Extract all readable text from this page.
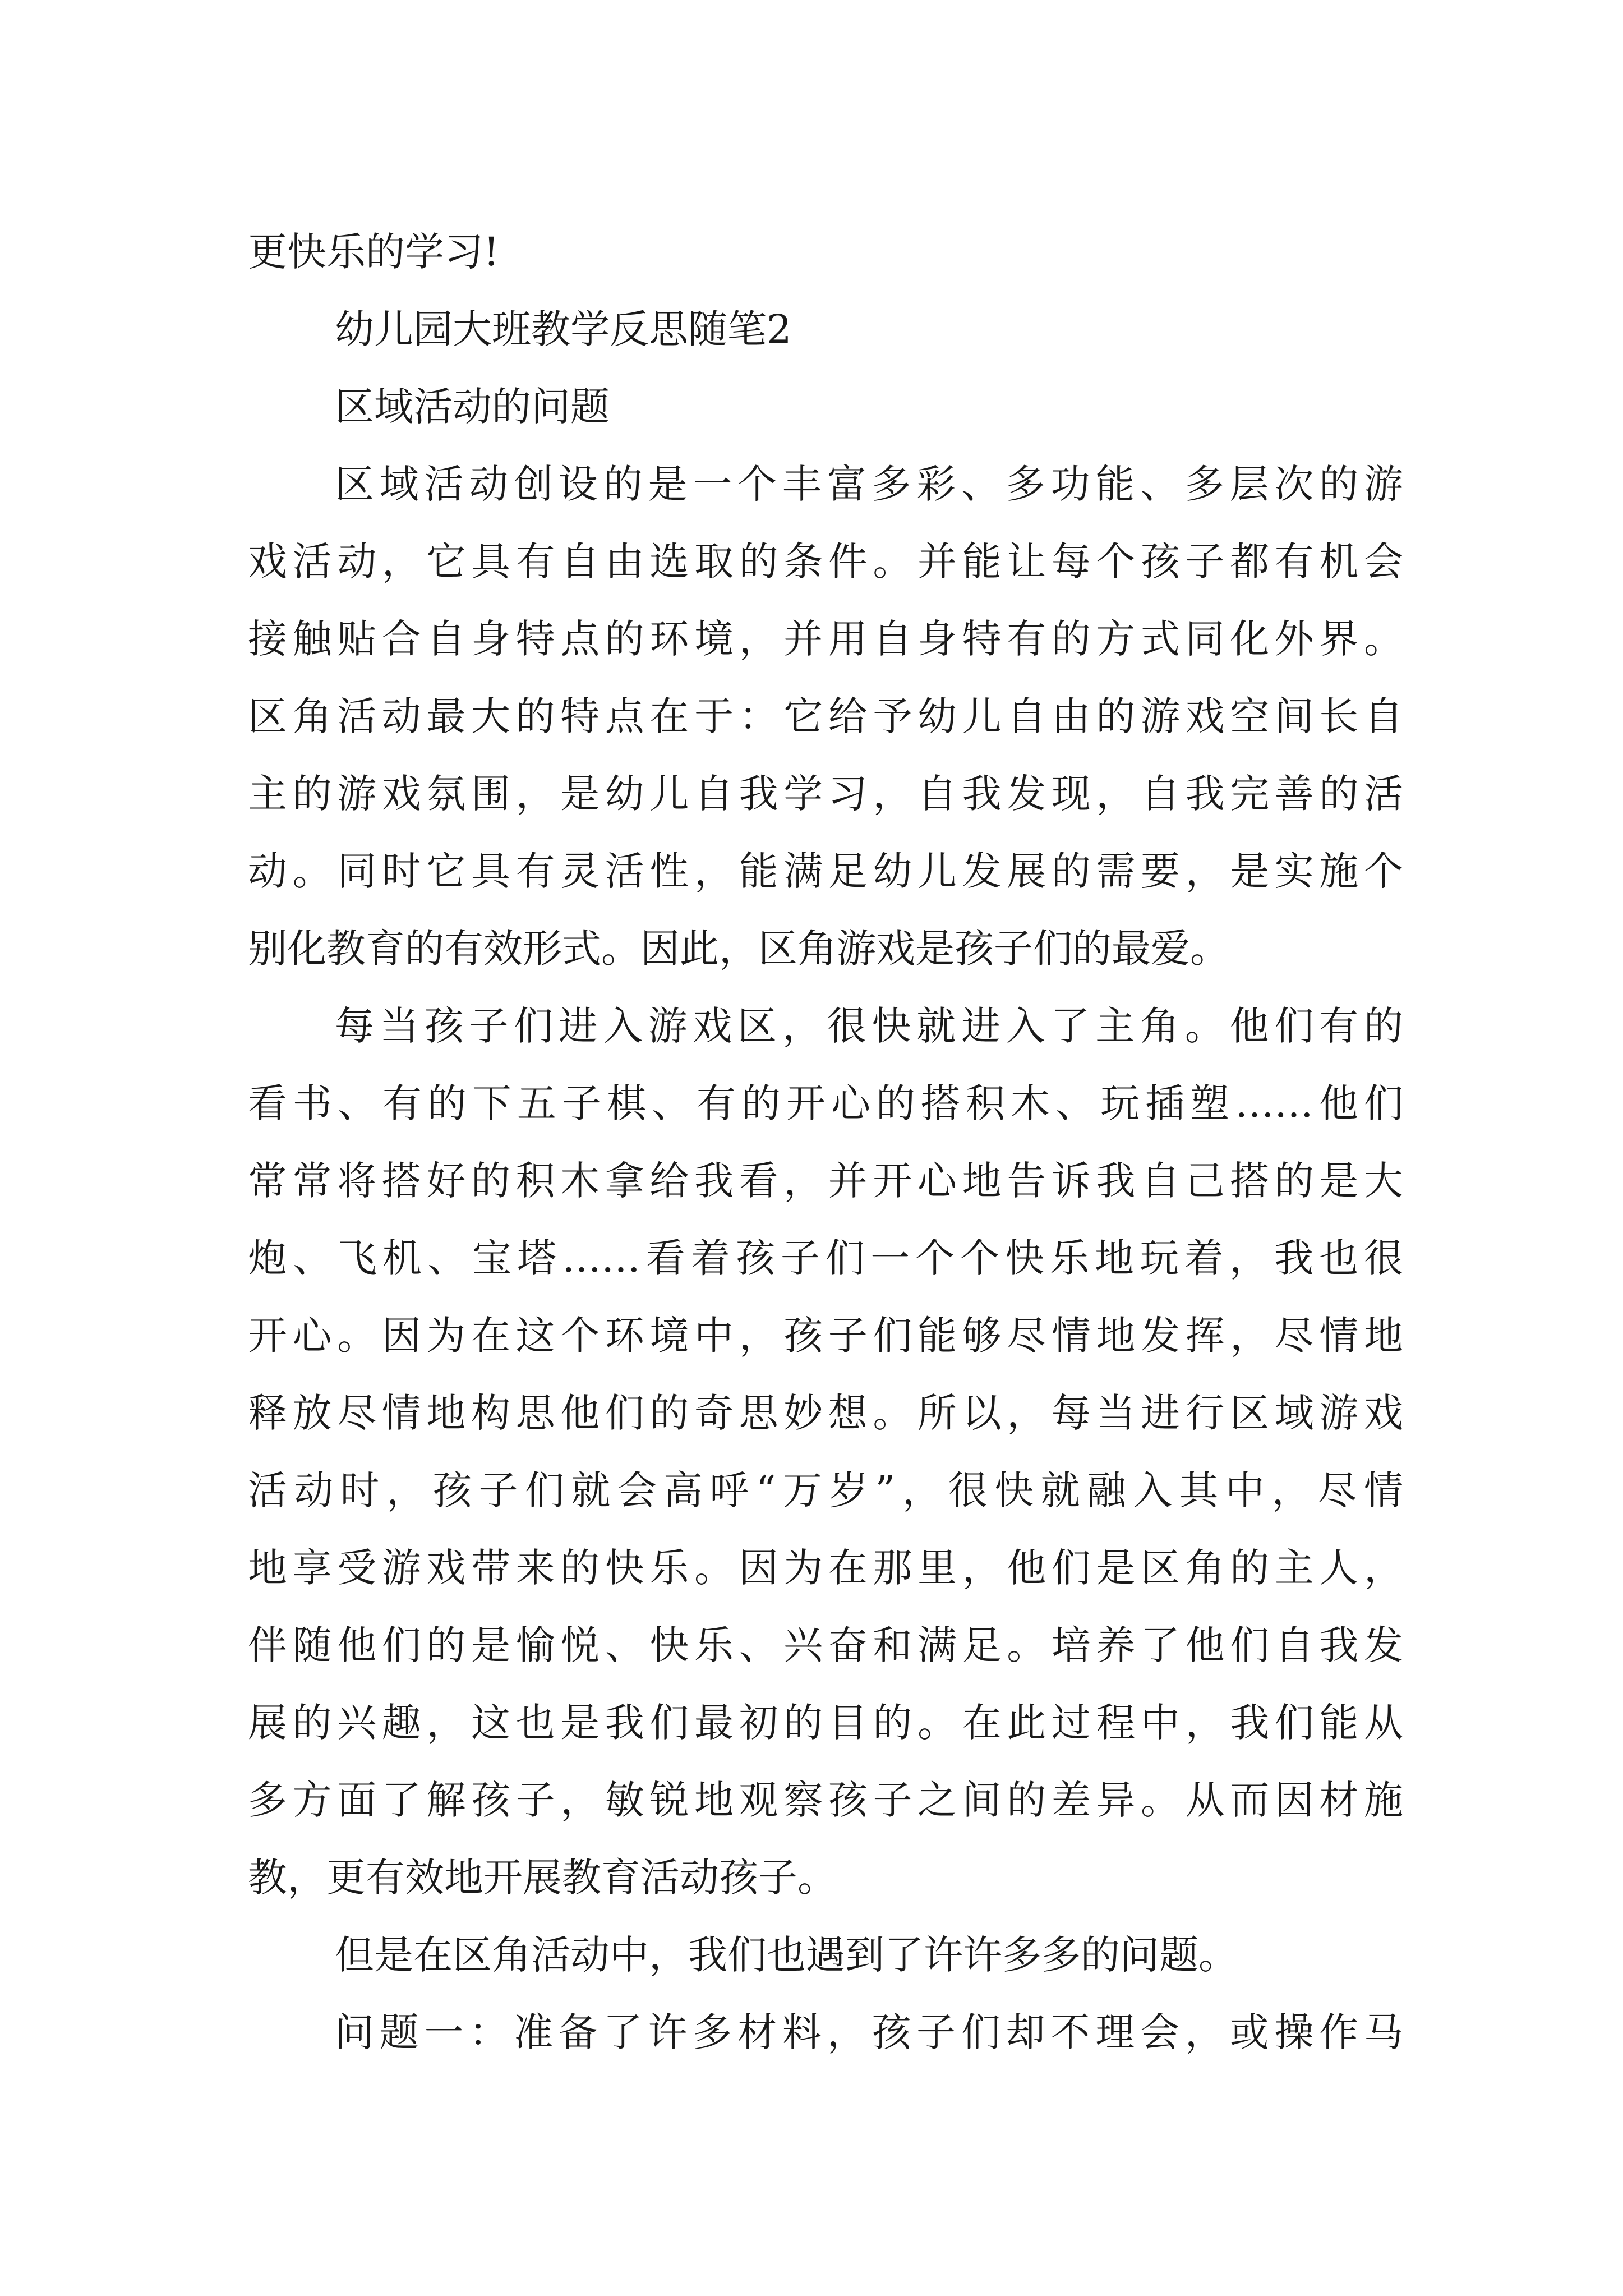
更快乐的学习!
幼儿园大班教学反思随笔2
区域活动的问题
区域活动创设的是一个丰富多彩、多功能、多层次的游
戏活动，它具有自由选取的条件。并能让每个孩子都有机会
接触贴合自身特点的环境，并用自身特有的方式同化外界。
区角活动最大的特点在于：它给予幼儿自由的游戏空间长自
主的游戏氛围，是幼儿自我学习，自我发现，自我完善的活
动。同时它具有灵活性，能满足幼儿发展的需要，是实施个
别化教育的有效形式。因此，区角游戏是孩子们的最爱。
每当孩子们进入游戏区，很快就进入了主角。他们有的
看书、有的下五子棋、有的开心的搭积木、玩插塑……他们
常常将搭好的积木拿给我看，并开心地告诉我自己搭的是大
炮、飞机、宝塔……看着孩子们一个个快乐地玩着，我也很
开心。因为在这个环境中，孩子们能够尽情地发挥，尽情地
释放尽情地构思他们的奇思妙想。所以，每当进行区域游戏
活动时，孩子们就会高呼“万岁”，很快就融入其中，尽情
地享受游戏带来的快乐。因为在那里，他们是区角的主人，
伴随他们的是愉悦、快乐、兴奋和满足。培养了他们自我发
展的兴趣，这也是我们最初的目的。在此过程中，我们能从
多方面了解孩子，敏锐地观察孩子之间的差异。从而因材施
教，更有效地开展教育活动孩子。
但是在区角活动中，我们也遇到了许许多多的问题。
问题一：准备了许多材料，孩子们却不理会，或操作马
